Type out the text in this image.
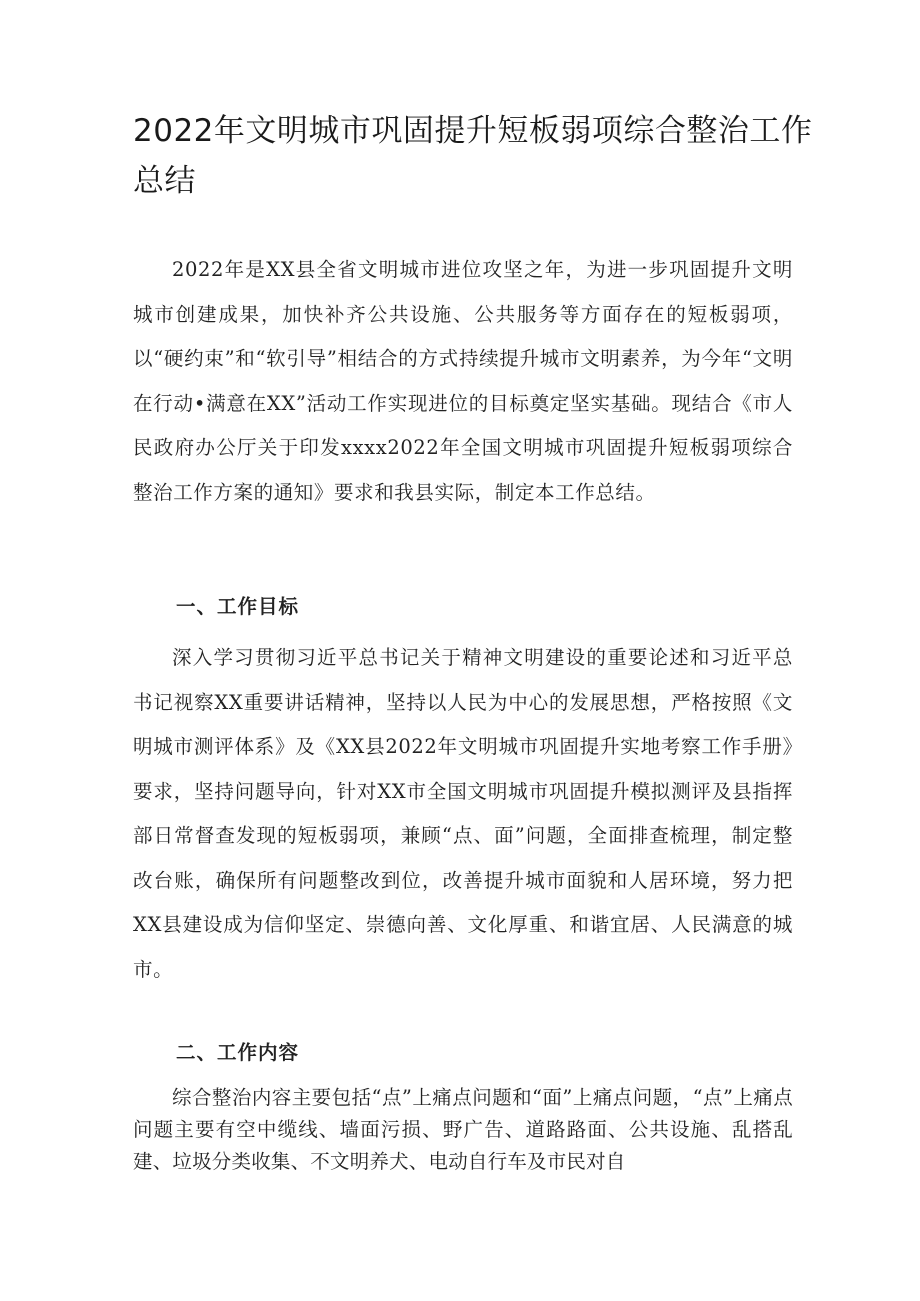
2022年文明城市巩固提升短板弱项综合整治工作总结

2022年是XX县全省文明城市进位攻坚之年，为进一步巩固提升文明城市创建成果，加快补齐公共设施、公共服务等方面存在的短板弱项，以“硬约束”和“软引导”相结合的方式持续提升城市文明素养，为今年“文明在行动•满意在XX”活动工作实现进位的目标奠定坚实基础。现结合《市人民政府办公厅关于印发xxxx2022年全国文明城市巩固提升短板弱项综合整治工作方案的通知》要求和我县实际，制定本工作总结。

一、工作目标

深入学习贯彻习近平总书记关于精神文明建设的重要论述和习近平总书记视察XX重要讲话精神，坚持以人民为中心的发展思想，严格按照《文明城市测评体系》及《XX县2022年文明城市巩固提升实地考察工作手册》要求，坚持问题导向，针对XX市全国文明城市巩固提升模拟测评及县指挥部日常督查发现的短板弱项，兼顾“点、面”问题，全面排查梳理，制定整改台账，确保所有问题整改到位，改善提升城市面貌和人居环境，努力把XX县建设成为信仰坚定、崇德向善、文化厚重、和谐宜居、人民满意的城市。

二、工作内容

综合整治内容主要包括“点”上痛点问题和“面”上痛点问题，“点”上痛点问题主要有空中缆线、墙面污损、野广告、道路路面、公共设施、乱搭乱建、垃圾分类收集、不文明养犬、电动自行车及市民对自
